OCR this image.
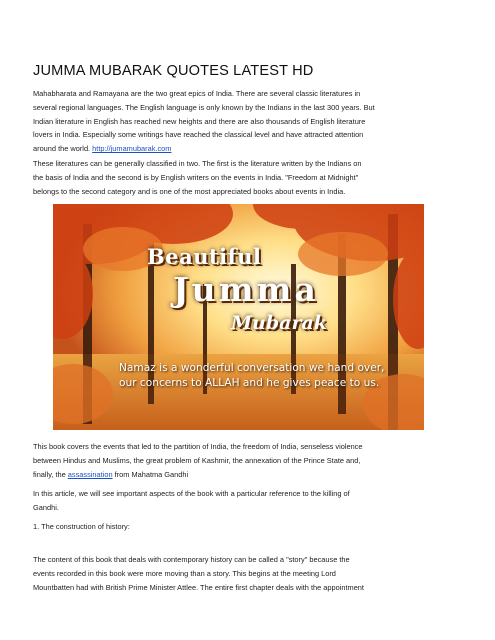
JUMMA MUBARAK QUOTES LATEST HD

Mahabharata and Ramayana are the two great epics of India. There are several classic literatures in
several regional languages. The English language is only known by the Indians in the last 300 years. But
Indian literature in English has reached new heights and there are also thousands of English literature
lovers in India. Especially some writings have reached the classical level and have attracted attention
around the world. http://jumamubarak.com

These literatures can be generally classified in two. The first is the literature written by the Indians on
the basis of India and the second is by English writers on the events in India. "Freedom at Midnight"
belongs to the second category and is one of the most appreciated books about events in India.

This book covers the events that led to the partition of India, the freedom of India, senseless violence
between Hindus and Muslims, the great problem of Kashmir, the annexation of the Prince State and,
finally, the assassination from Mahatma Gandhi

In this article, we will see important aspects of the book with a particular reference to the killing of
Gandhi.

1. The construction of history:

The content of this book that deals with contemporary history can be called a "story" because the
events recorded in this book were more moving than a story. This begins at the meeting Lord
Mountbatten had with British Prime Minister Attlee. The entire first chapter deals with the appointment

Beautiful
Jumma
Mubarak
Namaz is a wonderful conversation we hand over,
our concerns to ALLAH and he gives peace to us.
